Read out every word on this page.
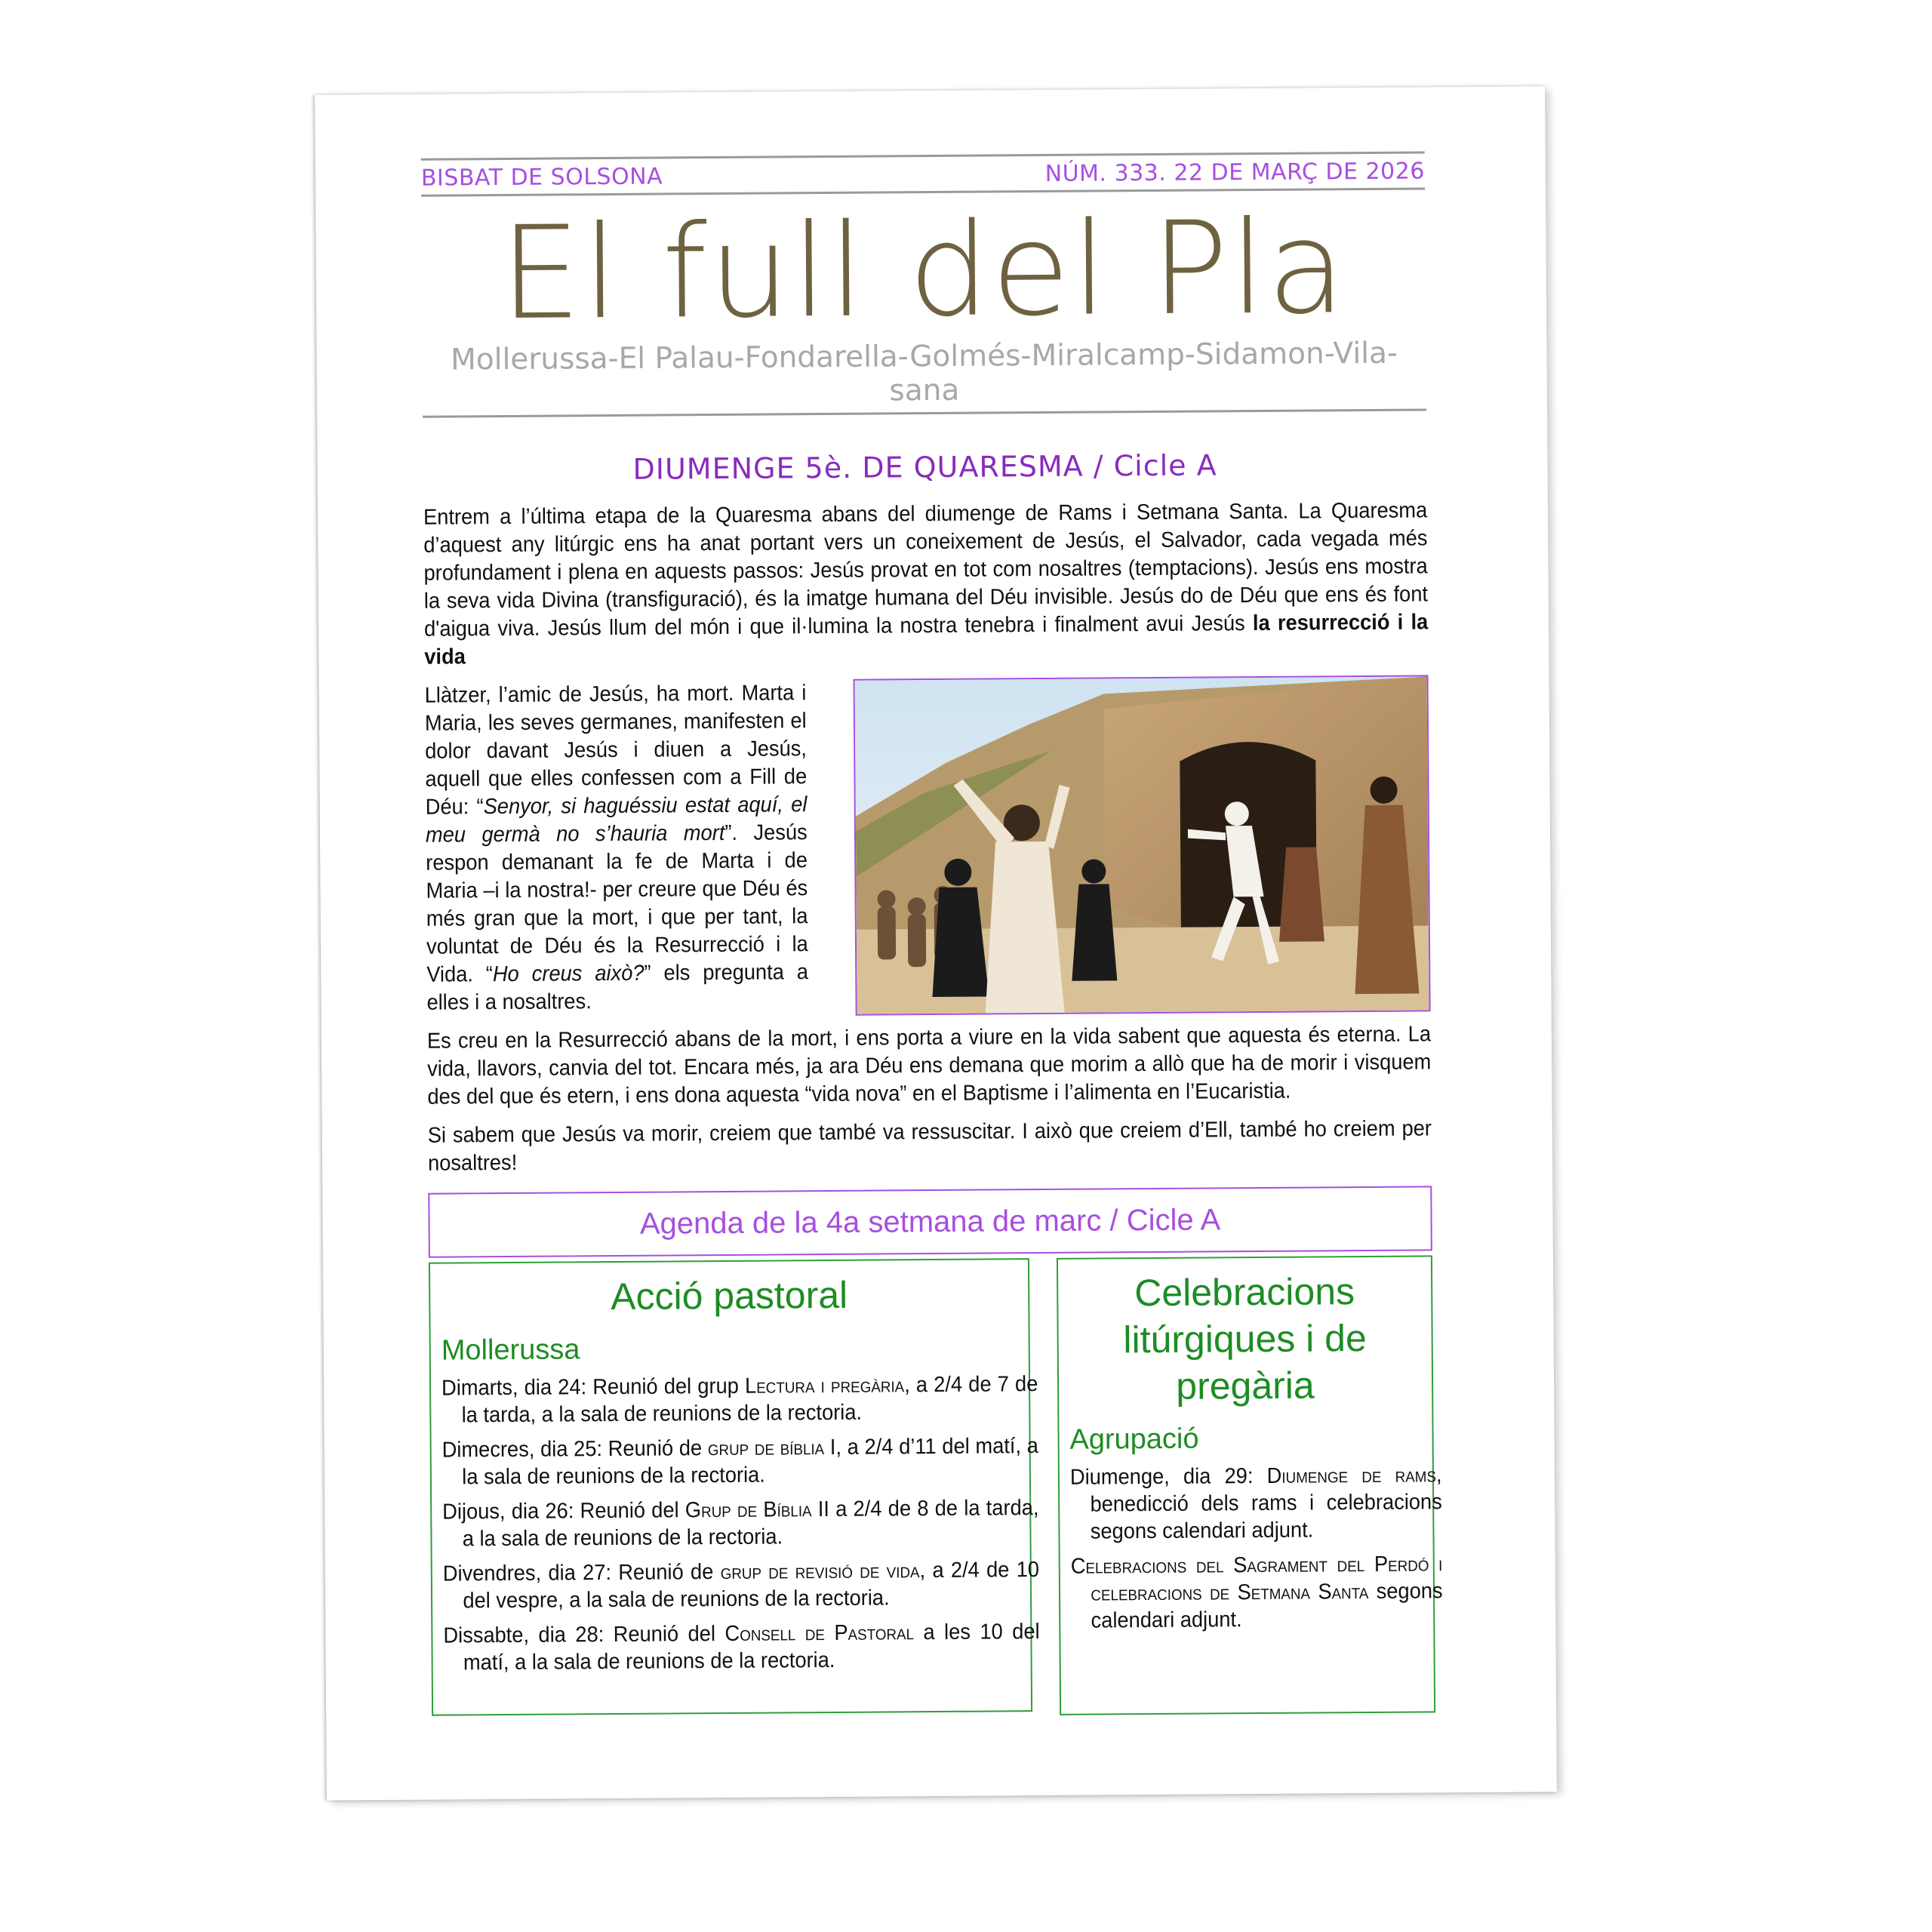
BISBAT DE SOLSONA	NÚM. 333. 22 DE MARÇ DE 2026
El full del Pla
Mollerussa-El Palau-Fondarella-Golmés-Miralcamp-Sidamon-Vila-sana
DIUMENGE 5è. DE QUARESMA / Cicle A
Entrem a l’última etapa de la Quaresma abans del diumenge de Rams i Setmana Santa. La Quaresma d’aquest any litúrgic ens ha anat portant vers un coneixement de Jesús, el Salvador, cada vegada més profundament i plena en aquests passos: Jesús provat en tot com nosaltres (temptacions). Jesús ens mostra la seva vida Divina (transfiguració), és la imatge humana del Déu invisible. Jesús do de Déu que ens és font d'aigua viva. Jesús llum del món i que il·lumina la nostra tenebra i finalment avui Jesús la resurrecció i la vida

Llàtzer, l’amic de Jesús, ha mort. Marta i Maria, les seves germanes, manifesten el dolor davant Jesús i diuen a Jesús, aquell que elles confessen com a Fill de Déu: “Senyor, si haguéssiu estat aquí, el meu germà no s’hauria mort”. Jesús respon demanant la fe de Marta i de Maria –i la nostra!- per creure que Déu és més gran que la mort, i que per tant, la voluntat de Déu és la Resurrecció i la Vida. “Ho creus això?” els pregunta a elles i a nosaltres.

Es creu en la Resurrecció abans de la mort, i ens porta a viure en la vida sabent que aquesta és eterna. La vida, llavors, canvia del tot. Encara més, ja ara Déu ens demana que morim a allò que ha de morir i visquem des del que és etern, i ens dona aquesta “vida nova” en el Baptisme i l’alimenta en l’Eucaristia.

Si sabem que Jesús va morir, creiem que també va ressuscitar. I això que creiem d’Ell, també ho creiem per nosaltres!

Agenda de la 4a setmana de marc / Cicle A
Acció pastoral
Mollerussa
Dimarts, dia 24: Reunió del grup Lectura i pregària, a 2/4 de 7 de la tarda, a la sala de reunions de la rectoria.
Dimecres, dia 25: Reunió de grup de bíblia I, a 2/4 d’11 del matí, a la sala de reunions de la rectoria.
Dijous, dia 26: Reunió del Grup de Bíblia II a 2/4 de 8 de la tarda, a la sala de reunions de la rectoria.
Divendres, dia 27: Reunió de grup de revisió de vida, a 2/4 de 10 del vespre, a la sala de reunions de la rectoria.
Dissabte, dia 28: Reunió del Consell de Pastoral a les 10 del matí, a la sala de reunions de la rectoria.
Celebracions litúrgiques i de pregària
Agrupació
Diumenge, dia 29: Diumenge de rams, benedicció dels rams i celebracions segons calendari adjunt.
Celebracions del Sagrament del Perdó i celebracions de Setmana Santa segons calendari adjunt.
